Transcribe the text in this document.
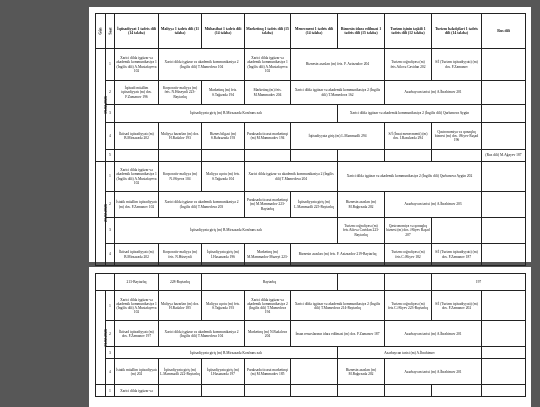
Gün	Saat	İqtisadiyyat 1 tədris dili (14 tələbə)	Maliyyə 1 tədris dili (11 tələbə)	Mühasibat 1 tədris dili (14 tələbə)	Marketinq 1 tədris dili (15 tələbə)	Menecment 1 tədris dili (14 tələbə)	Biznesin idarə edilməsi 1 tədris dili (15 tələbə)	Turizm işinin təşkili 1 tədris dili (12 tələbə)	Turizm bələdçiləri 1 tədris dili (14 tələbə)	Rus dili
19.02.2026	1	Xarici dildə işgüzar və akademik kommunikasiya 1 (İngilis dili) A.Mustafayeva 102	Xarici dildə işgüzar və akademik kommunikasiya 2 (İngilis dili) T.Mamedova 104		Xarici dildə işgüzar və akademik kommunikasiya 1 (İngilis dili) A.Mustafayeva 102	Biznesin əsasları (m) feis. F. Azizzadov 204		Turizm coğrafiyası (m) feis.Ailovə Cavidan 202	S/İ (Turizm iqtisadiyyatı) (m) dos. F.Zamanov	
	2	İqtisadi müəllim iqtisadiyyatı (m) dos. F.Zamanov 196	Korporativ maliyyə (m) feis. N.Hüseynli 223-Baytarlıq	Marketinq (m) feis. S.Tağızadə 194	Marketinq (m) feis. M.Mammadov 204	Xarici dildə işgüzar və akademik kommunikasiya 2 (İngilis dili) T.Mamedova 162		Azərbaycan tarixi (m) A.İbrahimov 201		
	3	İqtisadiyyata giriş (m) B.Mirzəzadə Konfrans zalı					Xarici dildə işgüzar və akademik kommunikasiya 2 (İngilis dili) Qurbanova Aygün			
	4	İktisad iqtisadiyyatı (m) B.Mirzəzadə 202	Maliyyə bazarları (m) dos. H.Bədəlov 193	Biznes bilgəsi (m) S.Bəhrəzadə 193	Paraksada ticarət marketinqi (m) M.Mammadov 194	İqtisadiyyata giriş (m) L.Məmmədli 294		S/İ (İnsat menecmenti) (m) dos. İ.Rəsulzadə 294	Qastronomiya və qonaqlıq biznesi (m) dos. Əliyev Rəşad 196	
	5									(Rus dili) M.Ağayev 187
21.02.2026	1	Xarici dildə işgüzar və akademik kommunikasiya 1 (İngilis dili) A.Mustafayeva 102	Korporativ maliyyə (m) N.Əliyeva 104	Maliyyə uçotu (m) feis. S.Tağızadə 104	Xarici dildə işgüzar və akademik kommunikasiya 2 (İngilis dili) T.Mamedova 204		Xarici dildə işgüzar və akademik kommunikasiya 2 (İngilis dili) Qurbanova Aygün 202			
	2	İstatik müəllim iqtisadiyyatı (m) dos. F.Zamanov 102	Xarici dildə işgüzar və akademik kommunikasiya 2 (İngilis dili) T.Mamedova 203		Paraksada ticarət marketinqi (m) M.Mammadov 223-Baytarlıq	İqtisadiyyata giriş (m) L.Məmmədli 225-Baytarlıq	Biznesin əsasları (m) M.Bağırzadə 202	Azərbaycan tarixi (m) A.İbrahimov 203		
	3	İqtisadiyyata giriş (m) B.Mirzəzadə Konfrans zalı					Turizm coğrafiyası (m) feis.Ailovə Cavidan 223-Baytarlıq	Qastronomiya və qonaqlıq biznesi (m) dos. Əliyev Rəşad 207		
	4	İktisad iqtisadiyyatı (m) B.Mirzəzadə 202	Korporativ maliyyə (m) feis. N.Hüseynli	İqtisadiyyata giriş (m) İ.Həsənzadə 196	Marketinq (m) M.Mammadov Muzeyi 223-	Biznesin əsasları (m) feis. F. Azizzadov 219-Baytarlıq		Turizm coğrafiyası (m) feis.C.Əliyev 182	S/İ (Turizm iqtisadiyyatı) (m) dos. F.Zamanov 187	
		213-Baytarlıq	228-Baytarlıq	Baytarlıq					197	
23.02.2026	1	Xarici dildə işgüzar və akademik kommunikasiya 1 (İngilis dili) A.Mustafayeva 102	Maliyyə bazarları (m) dos. H.Bədəlov 185	Maliyyə uçotu (m) feis. S.Tağızadə 193	Xarici dildə işgüzar və akademik kommunikasiya 2 (İngilis dili) T.Mamedova 194	Xarici dildə işgüzar və akademik kommunikasiya 2 (İngilis dili) T.Mamedova 214-Baytarlıq		Turizm coğrafiyası (m) feis.C.Əliyev 223-Baytarlıq	S/İ (Turizm iqtisadiyyatı) (m) dos. F.Zamanov 202		
	2	İktisad iqtisadiyyatı (m) dos. F.Zamanov 197	Xarici dildə işgüzar və akademik kommunikasiya 2 (İngilis dili) T.Mamedova 104		Marketinq (m) N.Bədəlova 204	İnsan resurslarının idarə edilməsi (m) dos. F.Zamanov 187		Azərbaycan tarixi (m) A.İbrahimov 201			
	3	İqtisadiyyata giriş (m) B.Mirzəzadə Konfrans zalı					Azərbaycan tarixi (m) A.İbrahimov				
	4	İstatik müəllim iqtisadiyyatı (m) 202	İqtisadiyyata giriş (m) L.Məmmədli 222-Baytarlıq	İqtisadiyyata giriş (m) İ.Həsənzadə 197	Paraksada ticarət marketinqi (m) M.Mammadov 185		Biznesin əsasları (m) M.Bağırzadə 202	Azərbaycan tarixi (m) A.İbrahimov 201			
	1	Xarici dildə işgüzar və									
